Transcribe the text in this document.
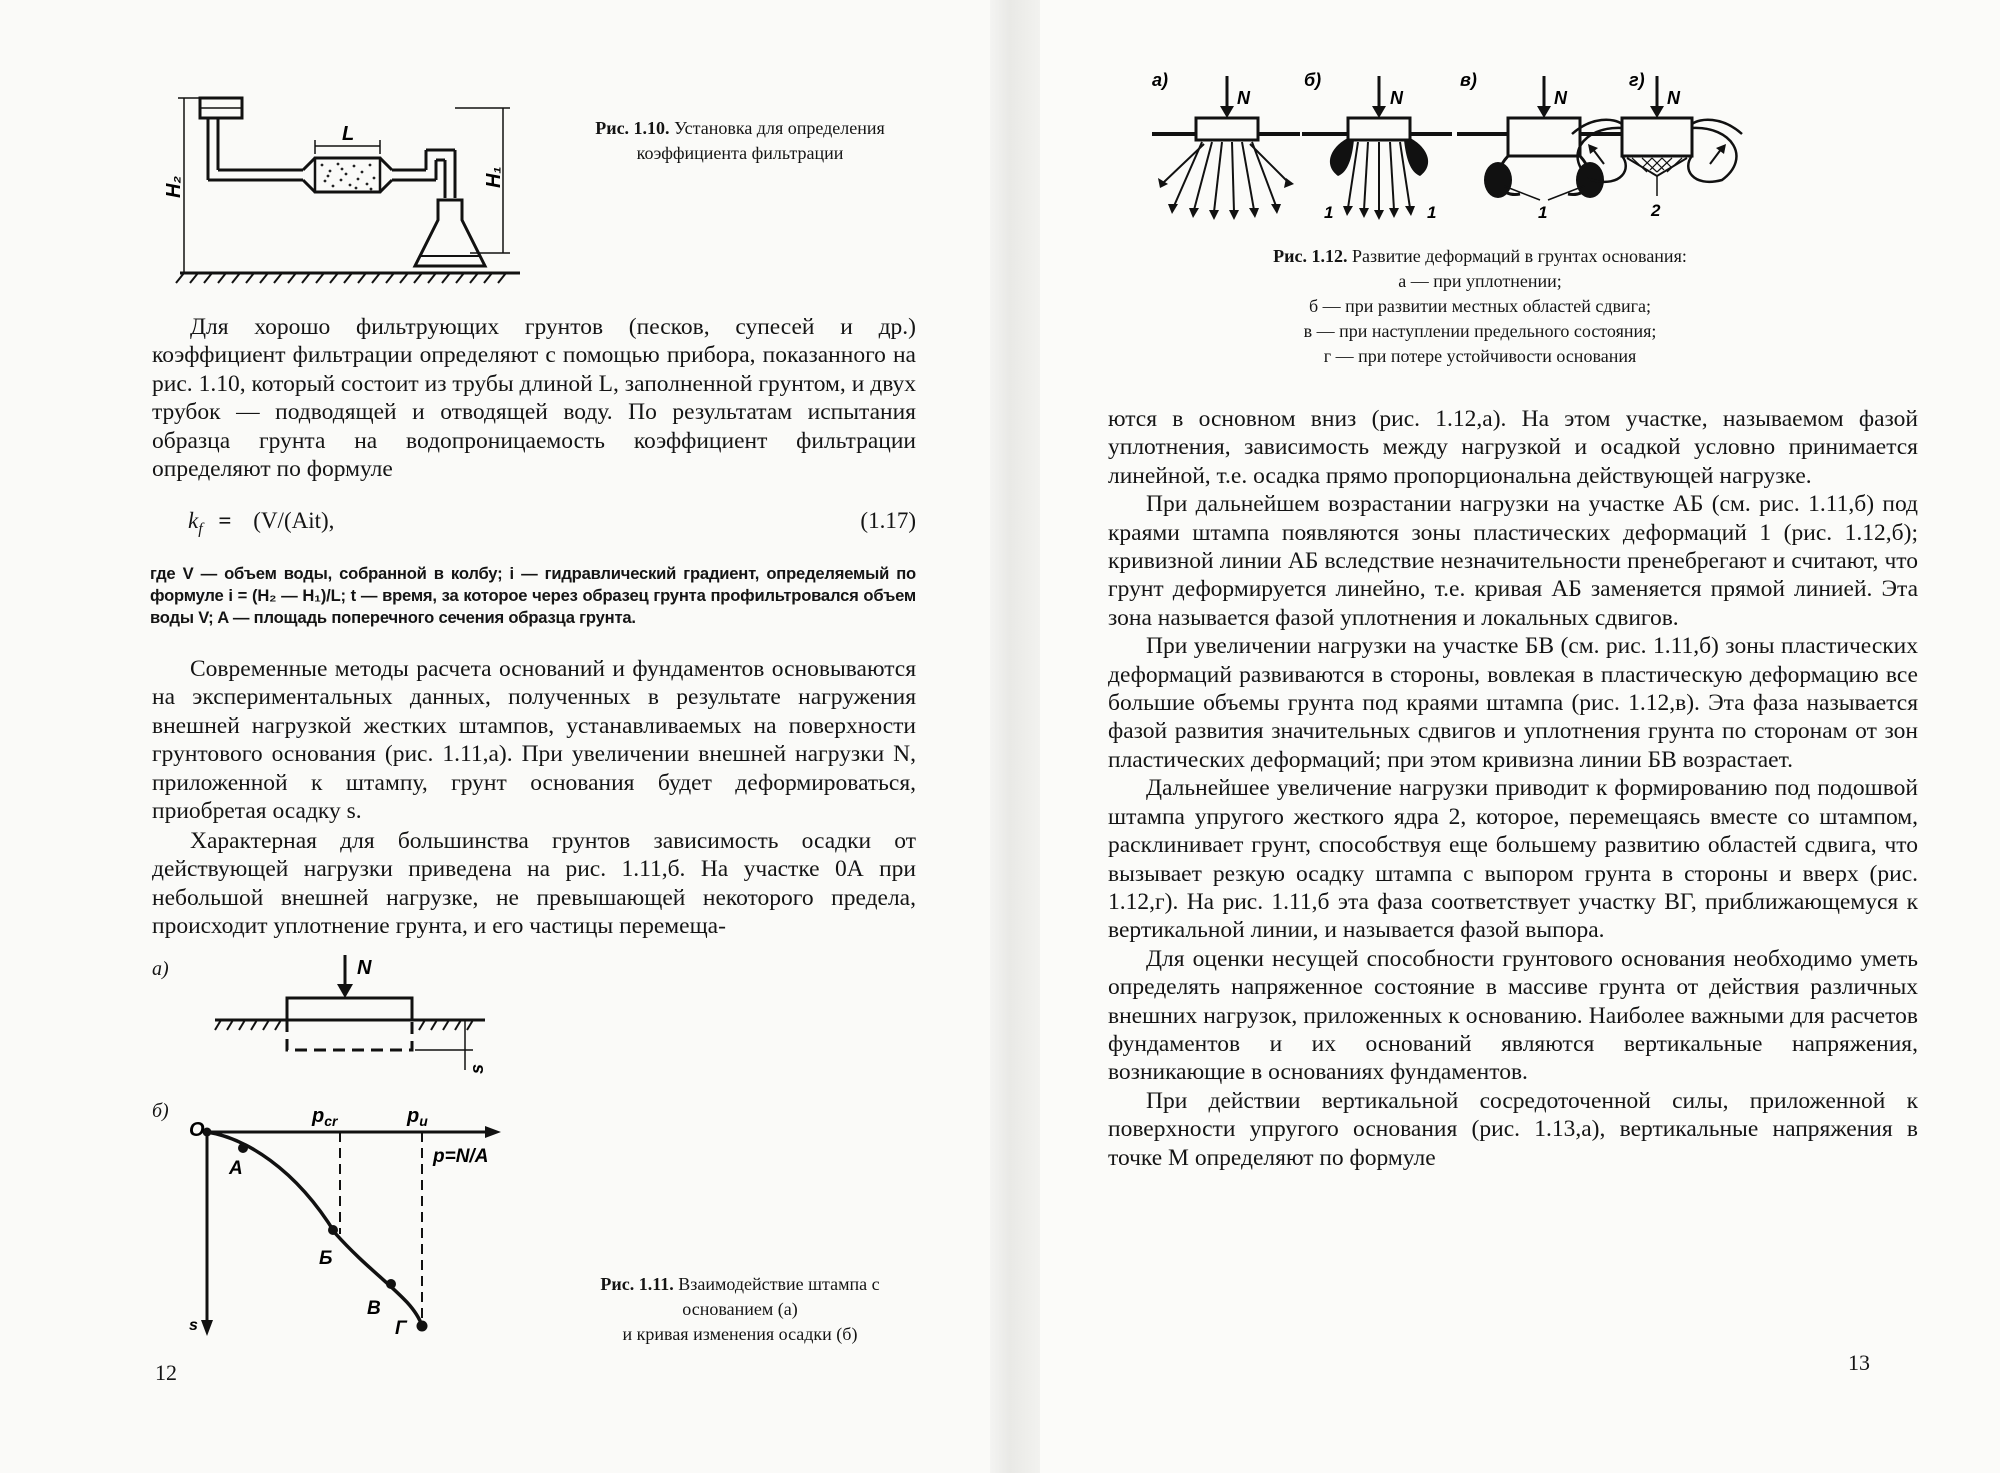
L
H₂	H₁
Рис. 1.10. Установка для определения коэффициента фильтрации

Для хорошо фильтрующих грунтов (песков, супесей и др.) коэффициент фильтрации определяют с помощью прибора, показанного на рис. 1.10, который состоит из трубы длиной L, заполненной грунтом, и двух трубок — подводящей и отводящей воду. По результатам испытания образца грунта на водопроницаемость коэффициент фильтрации определяют по формуле

$k_f = (V/(Ait)$,	(1.17)
где V — объем воды, собранной в колбу; i — гидравлический градиент, определяемый по формуле i = (H₂ — H₁)/L; t — время, за которое через образец грунта профильтровался объем воды V; A — площадь поперечного сечения образца грунта.

Современные методы расчета оснований и фундаментов основываются на экспериментальных данных, полученных в результате нагружения внешней нагрузкой жестких штампов, устанавливаемых на поверхности грунтового основания (рис. 1.11,а). При увеличении внешней нагрузки N, приложенной к штампу, грунт основания будет деформироваться, приобретая осадку s.

Характерная для большинства грунтов зависимость осадки от действующей нагрузки приведена на рис. 1.11,б. На участке 0А при небольшой внешней нагрузке, не превышающей некоторого предела, происходит уплотнение грунта, и его частицы перемеща-

а)	N
s
б)
O
$p_{cr}$	$p_u$
p=N/A
s
А
Б
В
Г
Рис. 1.11. Взаимодействие штампа с основанием (а)
и кривая изменения осадки (б)
12
а)	б)	в)	г)
N	N
1	1
N
1
N
2
Рис. 1.12. Развитие деформаций в грунтах основания:
а — при уплотнении;
б — при развитии местных областей сдвига;
в — при наступлении предельного состояния;
г — при потере устойчивости основания

ются в основном вниз (рис. 1.12,а). На этом участке, называемом фазой уплотнения, зависимость между нагрузкой и осадкой условно принимается линейной, т.е. осадка прямо пропорциональна действующей нагрузке.

При дальнейшем возрастании нагрузки на участке АБ (см. рис. 1.11,б) под краями штампа появляются зоны пластических деформаций 1 (рис. 1.12,б); кривизной линии АБ вследствие незначительности пренебрегают и считают, что грунт деформируется линейно, т.е. кривая АБ заменяется прямой линией. Эта зона называется фазой уплотнения и локальных сдвигов.

При увеличении нагрузки на участке БВ (см. рис. 1.11,б) зоны пластических деформаций развиваются в стороны, вовлекая в пластическую деформацию все большие объемы грунта под краями штампа (рис. 1.12,в). Эта фаза называется фазой развития значительных сдвигов и уплотнения грунта по сторонам от зон пластических деформаций; при этом кривизна линии БВ возрастает.

Дальнейшее увеличение нагрузки приводит к формированию под подошвой штампа упругого жесткого ядра 2, которое, перемещаясь вместе со штампом, расклинивает грунт, способствуя еще большему развитию областей сдвига, что вызывает резкую осадку штампа с выпором грунта в стороны и вверх (рис. 1.12,г). На рис. 1.11,б эта фаза соответствует участку ВГ, приближающемуся к вертикальной линии, и называется фазой выпора.

Для оценки несущей способности грунтового основания необходимо уметь определять напряженное состояние в массиве грунта от действия различных внешних нагрузок, приложенных к основанию. Наиболее важными для расчетов фундаментов и их оснований являются вертикальные напряжения, возникающие в основаниях фундаментов.

При действии вертикальной сосредоточенной силы, приложенной к поверхности упругого основания (рис. 1.13,а), вертикальные напряжения в точке М определяют по формуле

13
